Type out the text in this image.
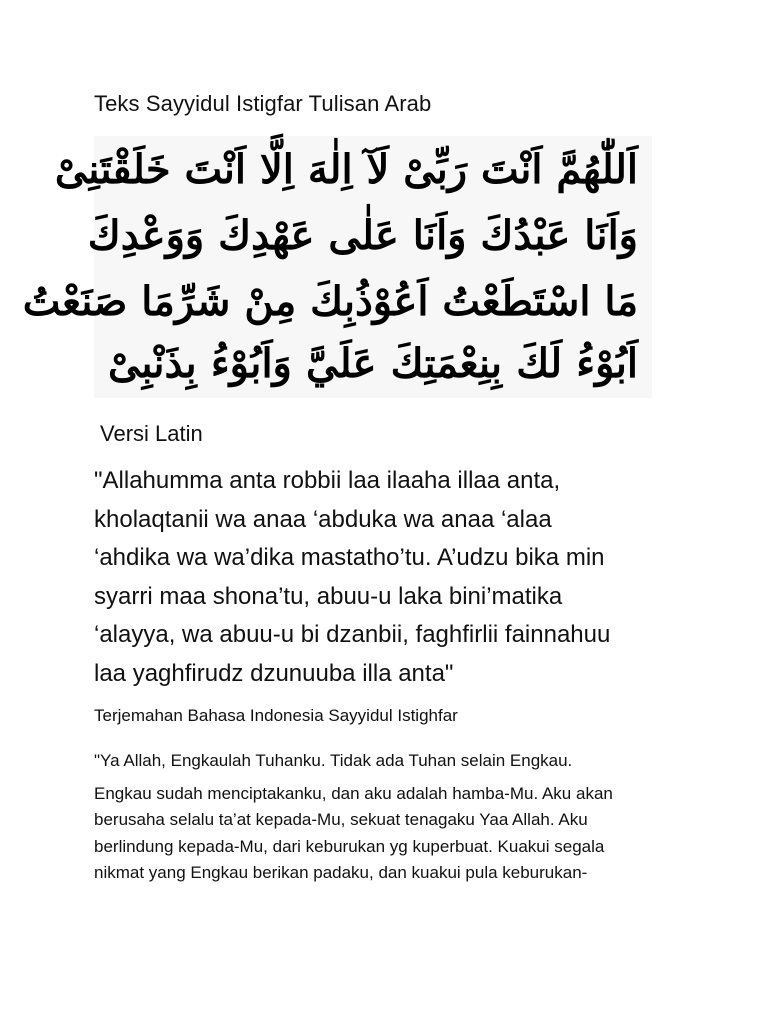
Teks Sayyidul Istigfar Tulisan Arab
اَللّٰهُمَّ اَنْتَ رَبِّىْ لَآ اِلٰهَ اِلَّا اَنْتَ خَلَقْتَنِىْ
وَاَنَا عَبْدُكَ وَاَنَا عَلٰى عَهْدِكَ وَوَعْدِكَ
مَا اسْتَطَعْتُ اَعُوْذُبِكَ مِنْ شَرِّمَا صَنَعْتُ
اَبُوْءُ لَكَ بِنِعْمَتِكَ عَلَيَّ وَاَبُوْءُ بِذَنْبِىْ
Versi Latin

"Allahumma anta robbii laa ilaaha illaa anta,

kholaqtanii wa anaa ‘abduka wa anaa ‘alaa

‘ahdika wa wa’dika mastatho’tu. A’udzu bika min

syarri maa shona’tu, abuu-u laka bini’matika

‘alayya, wa abuu-u bi dzanbii, faghfirlii fainnahuu

laa yaghfirudz dzunuuba illa anta"

Terjemahan Bahasa Indonesia Sayyidul Istighfar

"Ya Allah, Engkaulah Tuhanku. Tidak ada Tuhan selain Engkau.

Engkau sudah menciptakanku, dan aku adalah hamba-Mu. Aku akan

berusaha selalu ta’at kepada-Mu, sekuat tenagaku Yaa Allah. Aku

berlindung kepada-Mu, dari keburukan yg kuperbuat. Kuakui segala

nikmat yang Engkau berikan padaku, dan kuakui pula keburukan-
